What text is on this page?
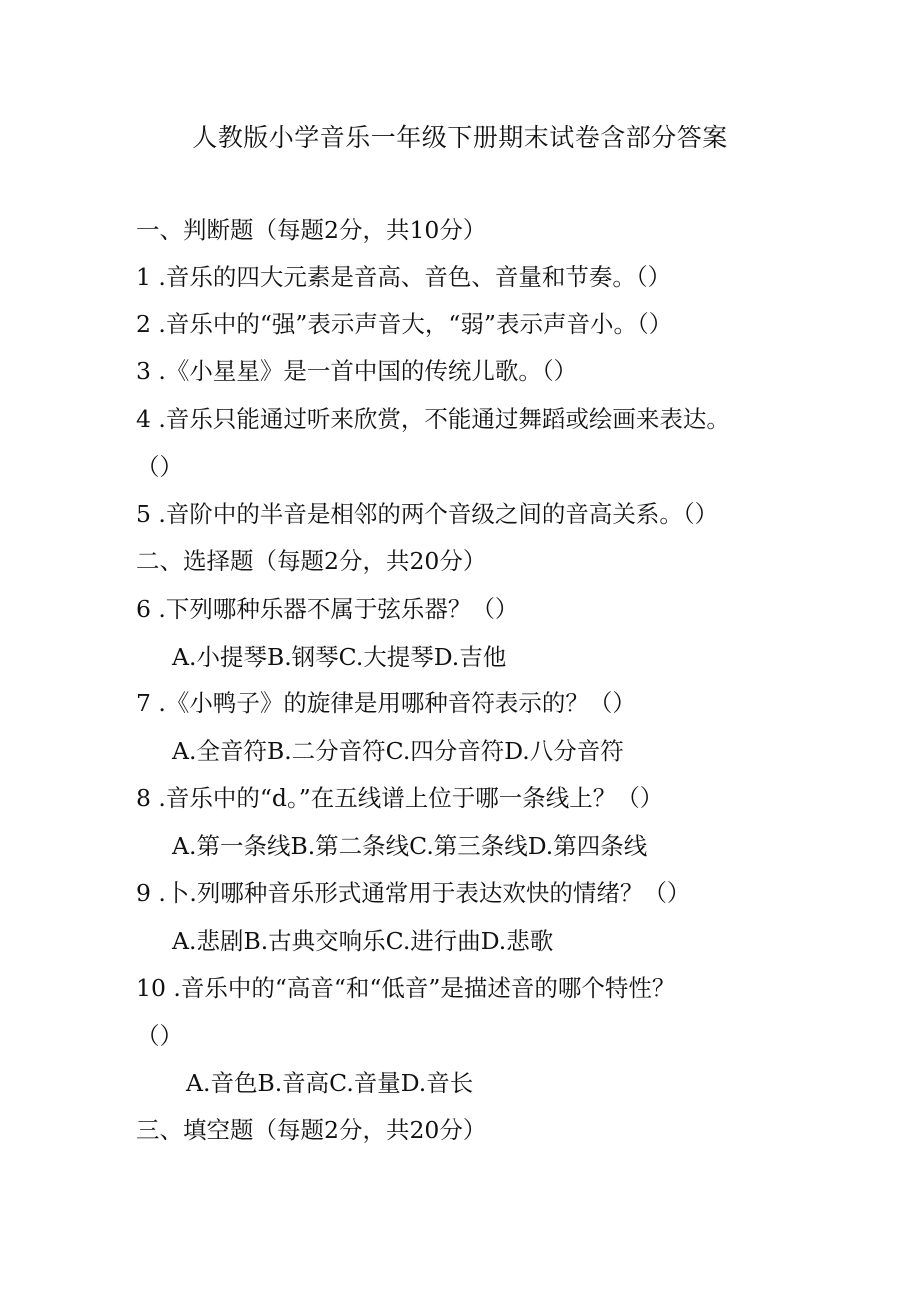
人教版小学音乐一年级下册期末试卷含部分答案
一、判断题（每题2分，共10分）
1 .音乐的四大元素是音高、音色、音量和节奏。（）
2 .音乐中的“强”表示声音大，“弱”表示声音小。（）
3 .《小星星》是一首中国的传统儿歌。（）
4 .音乐只能通过听来欣赏，不能通过舞蹈或绘画来表达。
（）
5 .音阶中的半音是相邻的两个音级之间的音高关系。（）
二、选择题（每题2分，共20分）
6 .下列哪种乐器不属于弦乐器？（）
A.小提琴B.钢琴C.大提琴D.吉他
7 .《小鸭子》的旋律是用哪种音符表示的？（）
A.全音符B.二分音符C.四分音符D.八分音符
8 .音乐中的“d。”在五线谱上位于哪一条线上？（）
A.第一条线B.第二条线C.第三条线D.第四条线
9 .卜.列哪种音乐形式通常用于表达欢快的情绪？（）
A.悲剧B.古典交响乐C.进行曲D.悲歌
10 .音乐中的“高音“和“低音”是描述音的哪个特性？
（）
A.音色B.音高C.音量D.音长
三、填空题（每题2分，共20分）
